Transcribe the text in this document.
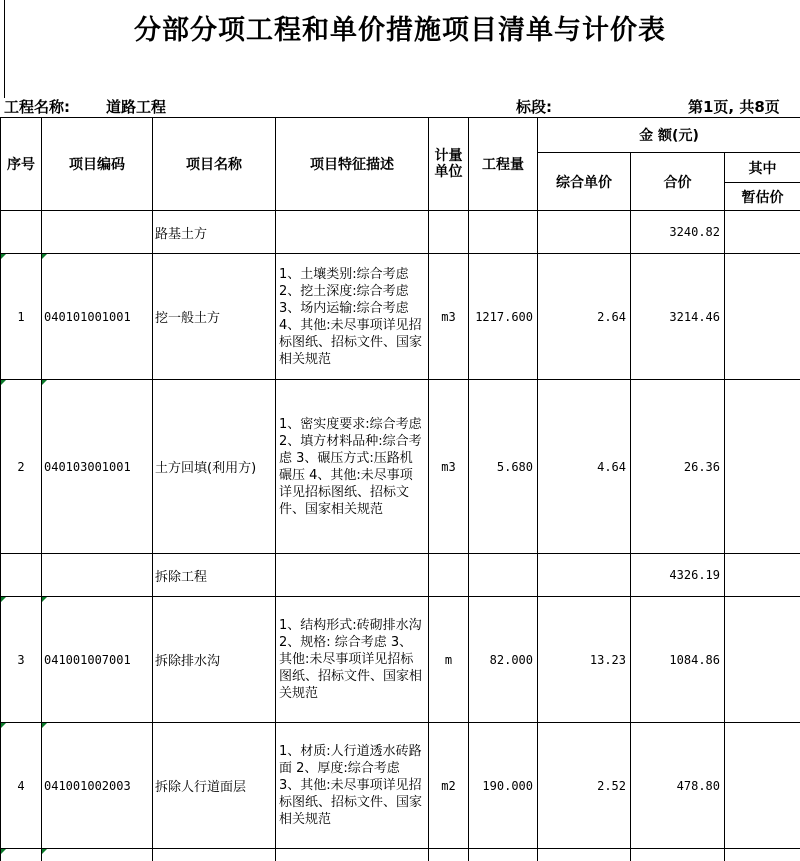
分部分项工程和单价措施项目清单与计价表
工程名称: 道路工程	标段:	第1页, 共8页
序号	项目编码	项目名称	项目特征描述	计量单位	工程量	金 额(元)		
						综合单价	合价	其中
								暂估价
		路基土方					3240.82	
1	040101001001	挖一般土方	1、土壤类别:综合考虑 2、挖土深度:综合考虑 3、场内运输:综合考虑 4、其他:未尽事项详见招标图纸、招标文件、国家相关规范	m3	1217.600	2.64	3214.46	
2	040103001001	土方回填(利用方)	1、密实度要求:综合考虑 2、填方材料品种:综合考虑 3、碾压方式:压路机碾压 4、其他:未尽事项详见招标图纸、招标文件、国家相关规范	m3	5.680	4.64	26.36	
		拆除工程					4326.19	
3	041001007001	拆除排水沟	1、结构形式:砖砌排水沟 2、规格: 综合考虑 3、其他:未尽事项详见招标图纸、招标文件、国家相关规范	m	82.000	13.23	1084.86	
4	041001002003	拆除人行道面层	1、材质:人行道透水砖路面 2、厚度:综合考虑 3、其他:未尽事项详见招标图纸、招标文件、国家相关规范	m2	190.000	2.52	478.80	
